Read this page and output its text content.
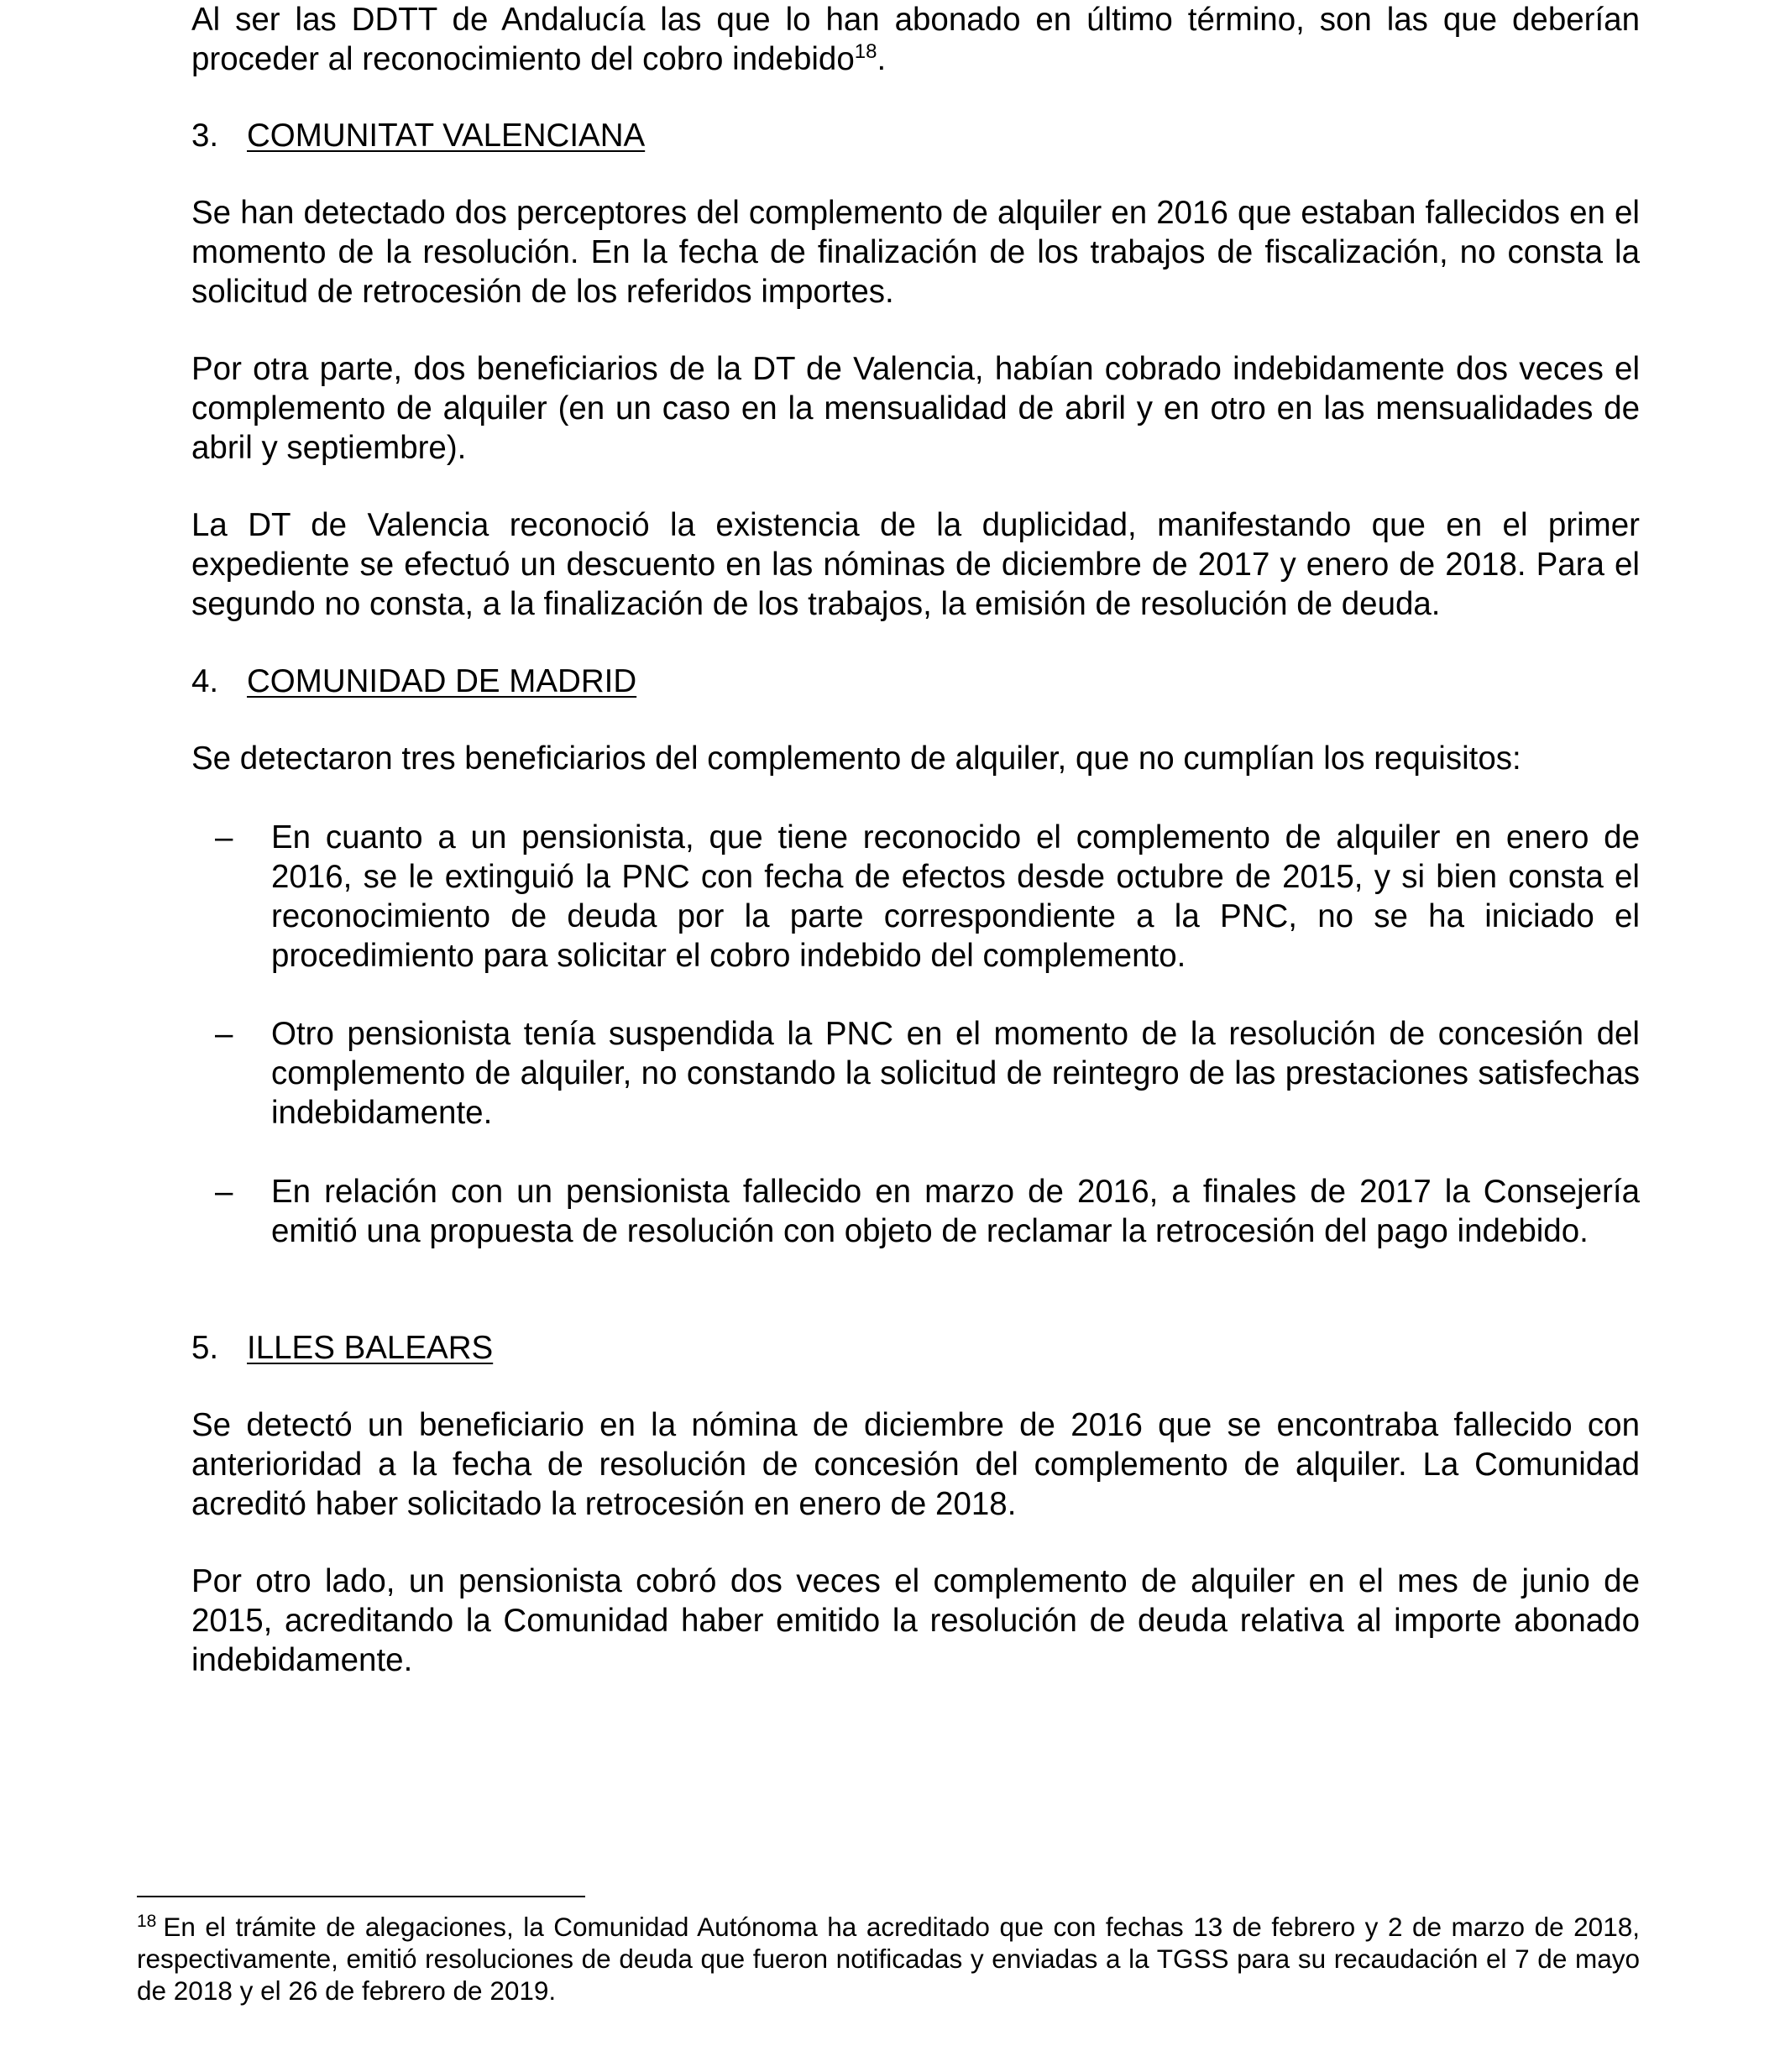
Al ser las DDTT de Andalucía las que lo han abonado en último término, son las que deberían proceder al reconocimiento del cobro indebido$^{18}$.

3. COMUNITAT VALENCIANA

Se han detectado dos perceptores del complemento de alquiler en 2016 que estaban fallecidos en el momento de la resolución. En la fecha de finalización de los trabajos de fiscalización, no consta la solicitud de retrocesión de los referidos importes.

Por otra parte, dos beneficiarios de la DT de Valencia, habían cobrado indebidamente dos veces el complemento de alquiler (en un caso en la mensualidad de abril y en otro en las mensualidades de abril y septiembre).

La DT de Valencia reconoció la existencia de la duplicidad, manifestando que en el primer expediente se efectuó un descuento en las nóminas de diciembre de 2017 y enero de 2018. Para el segundo no consta, a la finalización de los trabajos, la emisión de resolución de deuda.

4. COMUNIDAD DE MADRID

Se detectaron tres beneficiarios del complemento de alquiler, que no cumplían los requisitos:

– En cuanto a un pensionista, que tiene reconocido el complemento de alquiler en enero de 2016, se le extinguió la PNC con fecha de efectos desde octubre de 2015, y si bien consta el reconocimiento de deuda por la parte correspondiente a la PNC, no se ha iniciado el procedimiento para solicitar el cobro indebido del complemento.

– Otro pensionista tenía suspendida la PNC en el momento de la resolución de concesión del complemento de alquiler, no constando la solicitud de reintegro de las prestaciones satisfechas indebidamente.

– En relación con un pensionista fallecido en marzo de 2016, a finales de 2017 la Consejería emitió una propuesta de resolución con objeto de reclamar la retrocesión del pago indebido.

5. ILLES BALEARS

Se detectó un beneficiario en la nómina de diciembre de 2016 que se encontraba fallecido con anterioridad a la fecha de resolución de concesión del complemento de alquiler. La Comunidad acreditó haber solicitado la retrocesión en enero de 2018.

Por otro lado, un pensionista cobró dos veces el complemento de alquiler en el mes de junio de 2015, acreditando la Comunidad haber emitido la resolución de deuda relativa al importe abonado indebidamente.

$^{18}$ En el trámite de alegaciones, la Comunidad Autónoma ha acreditado que con fechas 13 de febrero y 2 de marzo de 2018, respectivamente, emitió resoluciones de deuda que fueron notificadas y enviadas a la TGSS para su recaudación el 7 de mayo de 2018 y el 26 de febrero de 2019.
